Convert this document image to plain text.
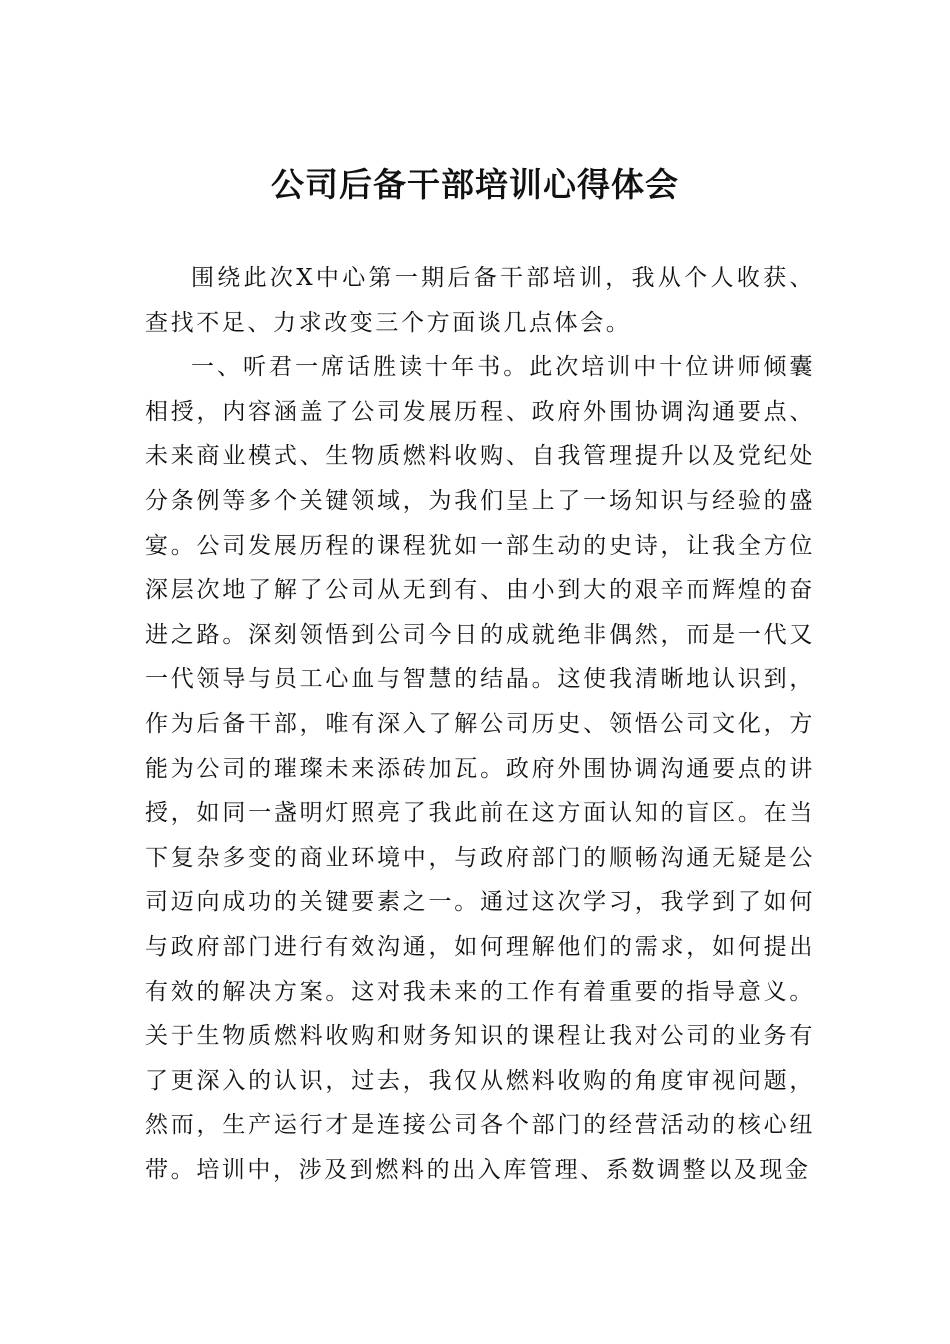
公司后备干部培训心得体会

围绕此次X中心第一期后备干部培训，我从个人收获、查找不足、力求改变三个方面谈几点体会。

一、听君一席话胜读十年书。此次培训中十位讲师倾囊相授，内容涵盖了公司发展历程、政府外围协调沟通要点、未来商业模式、生物质燃料收购、自我管理提升以及党纪处分条例等多个关键领域，为我们呈上了一场知识与经验的盛宴。公司发展历程的课程犹如一部生动的史诗，让我全方位深层次地了解了公司从无到有、由小到大的艰辛而辉煌的奋进之路。深刻领悟到公司今日的成就绝非偶然，而是一代又一代领导与员工心血与智慧的结晶。这使我清晰地认识到，作为后备干部，唯有深入了解公司历史、领悟公司文化，方能为公司的璀璨未来添砖加瓦。政府外围协调沟通要点的讲授，如同一盏明灯照亮了我此前在这方面认知的盲区。在当下复杂多变的商业环境中，与政府部门的顺畅沟通无疑是公司迈向成功的关键要素之一。通过这次学习，我学到了如何与政府部门进行有效沟通，如何理解他们的需求，如何提出有效的解决方案。这对我未来的工作有着重要的指导意义。关于生物质燃料收购和财务知识的课程让我对公司的业务有了更深入的认识，过去，我仅从燃料收购的角度审视问题，然而，生产运行才是连接公司各个部门的经营活动的核心纽带。培训中，涉及到燃料的出入库管理、系数调整以及现金
